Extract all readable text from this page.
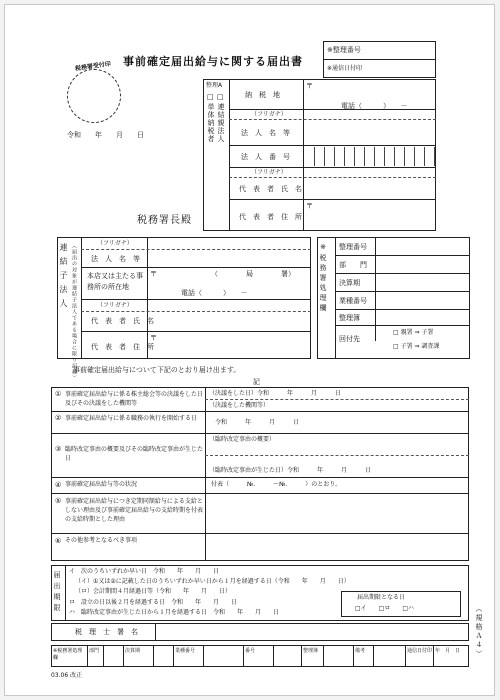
事前確定届出給与に関する届出書
※整理番号
※通信日付印
税務署受付印
令和　　年　　月　　日
税務署長殿
整理A
□ □
単体納税者 連結親法人
納　税　地
（フリガナ）
法　人　名　等
法　人　番　号
（フリガナ）
代　表　者　氏　名
代　表　者　住　所
〒
電話（　　　）　　－
〒
連結子法人 （届出の対象が連結子法人である場合に限り記載）	（フリガナ）
法　人　名　等
本店又は主たる事務所の所在地
（フリガナ）
代　表　者　氏　名
代　表　者　住　所
〒	（　　　　局　　　　署）
電話（　　　）　　－
〒
※税務署処理欄 整理番号
部　　門
決算期
業種番号
整理簿
回付先
□ 親署 ⇒ 子署
□ 子署 ⇒ 調査課
事前確定届出給与について下記のとおり届け出ます。
記
① 事前確定届出給与に係る株主総会等の決議をした日及びその決議をした機関等
（決議をした日）令和　　　年　　　月　　　日
（決議をした機関等）
② 事前確定届出給与に係る職務の執行を開始する日
令和　　　年　　　月　　　日
③ 臨時改定事由の概要及びその臨時改定事由が生じた日
（臨時改定事由の概要）
（臨時改定事由が生じた日）令和　　　年　　　月　　　日
④ 事前確定届出給与等の状況	付表（　　　№.　　　～№.　　　）のとおり。
⑤ 事前確定届出給与につき定期同額給与による支給としない理由及び事前確定届出給与の支給時期を付表の支給時期とした理由
⑥ その他参考となるべき事項
届出期限 イ　次のうちいずれか早い日　令和　　年　　月　　日
（イ）①又は②に記載した日のうちいずれか早い日から１月を経過する日（令和　　年　　月　　日）
（ロ）会計期間４月経過日等（令和　　年　　月　　日）
ロ　設立の日以後２月を経過する日　令和　　年　　月　　日
ハ　臨時改定事由が生じた日から１月を経過する日　令和　　年　　月　　日
届出期限となる日
□イ　　□ロ　　□ハ
税　理　士　署　名
03.06 改正
（規格Ａ４）
※税務署処理欄
部門	決算期	業種番号	番号	整理簿	備考	通信日付印 年　月　日
